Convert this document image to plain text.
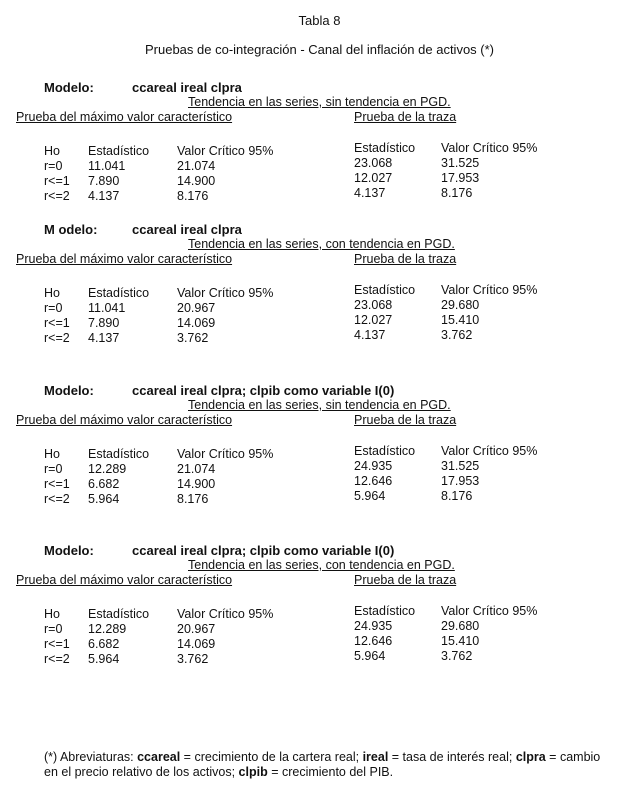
Tabla 8
Pruebas de co-integración - Canal del inflación de activos (*)
Modelo:	ccareal ireal clpra
Tendencia en las series, sin tendencia en PGD.
Prueba del máximo valor característico	Prueba de la traza
Ho Estadístico Valor Crítico 95%	Estadístico Valor Crítico 95%
r=0 11.041	21.074	23.068	31.525
r<=1 7.890	14.900	12.027	17.953
r<=2 4.137	8.176	4.137	8.176
M odelo:	ccareal ireal clpra
Tendencia en las series, con tendencia en PGD.
Prueba del máximo valor característico	Prueba de la traza
Ho Estadístico Valor Crítico 95%	Estadístico Valor Crítico 95%
r=0 11.041	20.967	23.068	29.680
r<=1 7.890	14.069	12.027	15.410
r<=2 4.137	3.762	4.137	3.762
Modelo:	ccareal ireal clpra; clpib como variable I(0)
Tendencia en las series, sin tendencia en PGD.
Prueba del máximo valor característico	Prueba de la traza
Ho Estadístico Valor Crítico 95%	Estadístico Valor Crítico 95%
r=0 12.289	21.074	24.935	31.525
r<=1 6.682	14.900	12.646	17.953
r<=2 5.964	8.176	5.964	8.176
Modelo:	ccareal ireal clpra; clpib como variable I(0)
Tendencia en las series, con tendencia en PGD.
Prueba del máximo valor característico	Prueba de la traza
Ho Estadístico Valor Crítico 95%	Estadístico Valor Crítico 95%
r=0 12.289	20.967	24.935	29.680
r<=1 6.682	14.069	12.646	15.410
r<=2 5.964	3.762	5.964	3.762
(*) Abreviaturas: ccareal = crecimiento de la cartera real; ireal = tasa de interés real; clpra = cambio en el precio relativo de los activos; clpib = crecimiento del PIB.
